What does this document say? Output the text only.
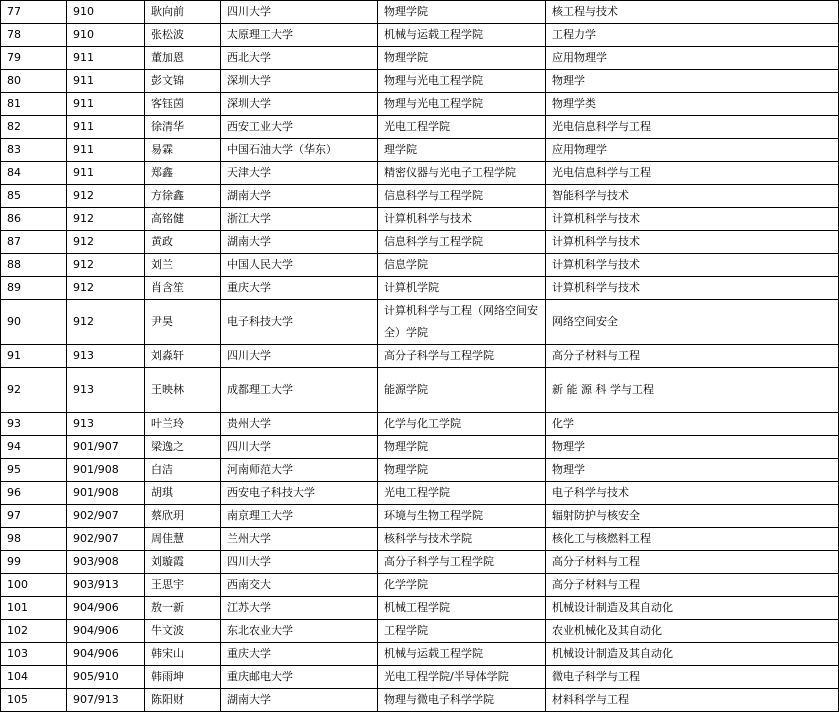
77	910	耿向前	四川大学	物理学院	核工程与技术
78	910	张松波	太原理工大学	机械与运载工程学院	工程力学
79	911	董加恩	西北大学	物理学院	应用物理学
80	911	彭文锦	深圳大学	物理与光电工程学院	物理学
81	911	客钰茵	深圳大学	物理与光电工程学院	物理学类
82	911	徐清华	西安工业大学	光电工程学院	光电信息科学与工程
83	911	易霖	中国石油大学（华东）	理学院	应用物理学
84	911	郑鑫	天津大学	精密仪器与光电子工程学院	光电信息科学与工程
85	912	方徐鑫	湖南大学	信息科学与工程学院	智能科学与技术
86	912	高铭健	浙江大学	计算机科学与技术	计算机科学与技术
87	912	黄政	湖南大学	信息科学与工程学院	计算机科学与技术
88	912	刘兰	中国人民大学	信息学院	计算机科学与技术
89	912	肖含笙	重庆大学	计算机学院	计算机科学与技术
90	912	尹昊	电子科技大学	计算机科学与工程（网络空间安全）学院	网络空间安全
91	913	刘淼轩	四川大学	高分子科学与工程学院	高分子材料与工程
92	913	王映林	成都理工大学	能源学院	新 能 源 科 学与工程
93	913	叶兰玲	贵州大学	化学与化工学院	化学
94	901/907	梁逸之	四川大学	物理学院	物理学
95	901/908	白洁	河南师范大学	物理学院	物理学
96	901/908	胡琪	西安电子科技大学	光电工程学院	电子科学与技术
97	902/907	蔡欣玥	南京理工大学	环境与生物工程学院	辐射防护与核安全
98	902/907	周佳慧	兰州大学	核科学与技术学院	核化工与核燃料工程
99	903/908	刘璇霞	四川大学	高分子科学与工程学院	高分子材料与工程
100	903/913	王思宇	西南交大	化学学院	高分子材料与工程
101	904/906	敖一新	江苏大学	机械工程学院	机械设计制造及其自动化
102	904/906	牛文波	东北农业大学	工程学院	农业机械化及其自动化
103	904/906	韩宋山	重庆大学	机械与运载工程学院	机械设计制造及其自动化
104	905/910	韩雨坤	重庆邮电大学	光电工程学院/半导体学院	微电子科学与工程
105	907/913	陈阳财	湖南大学	物理与微电子科学学院	材料科学与工程
